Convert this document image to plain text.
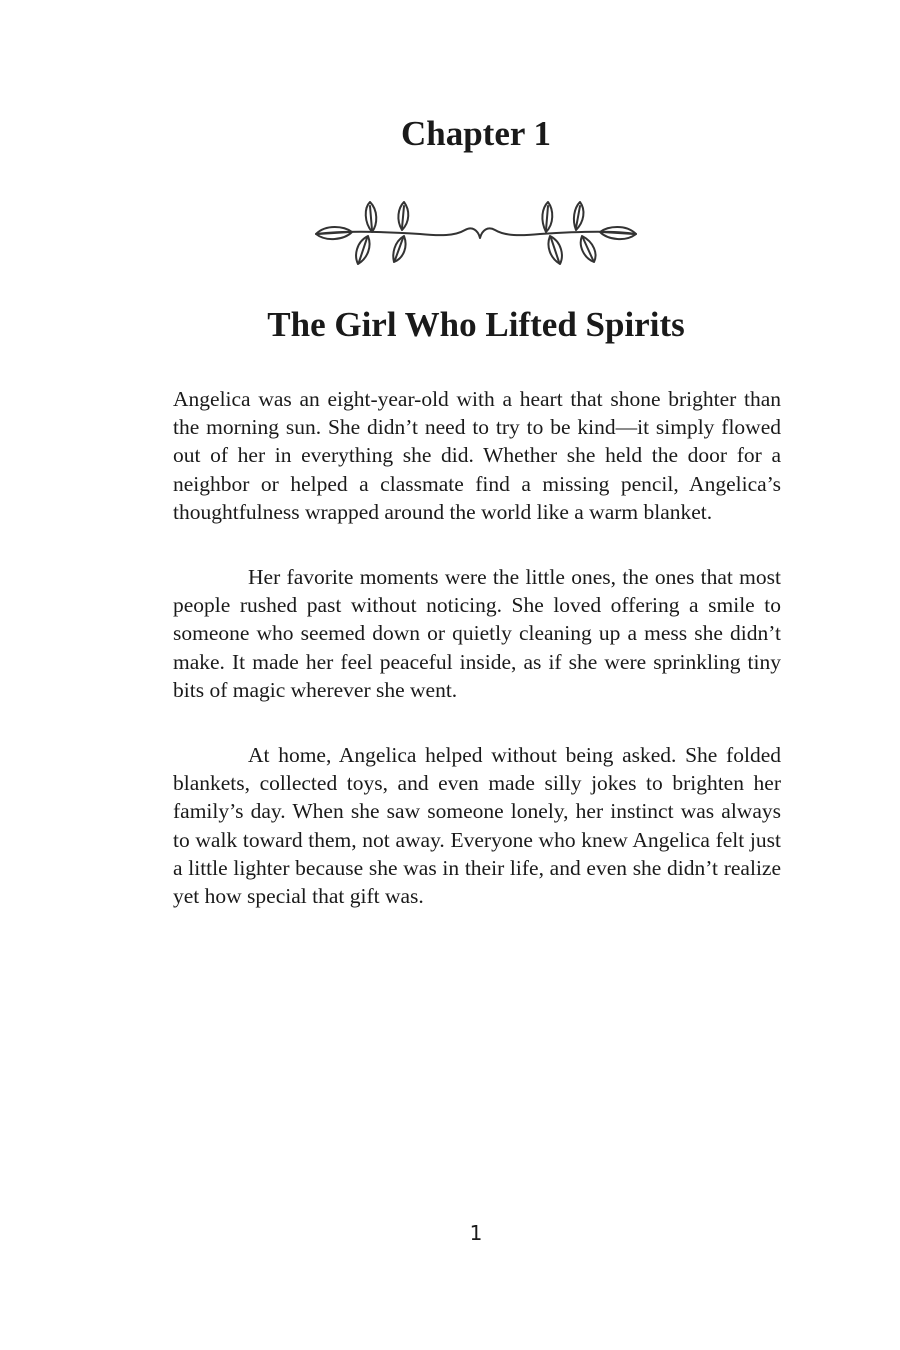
Chapter 1
The Girl Who Lifted Spirits

Angelica was an eight-year-old with a heart that shone brighter than the morning sun. She didn’t need to try to be kind—it simply flowed out of her in everything she did. Whether she held the door for a neighbor or helped a classmate find a missing pencil, Angelica’s thoughtfulness wrapped around the world like a warm blanket.

Her favorite moments were the little ones, the ones that most people rushed past without noticing. She loved offering a smile to someone who seemed down or quietly cleaning up a mess she didn’t make. It made her feel peaceful inside, as if she were sprinkling tiny bits of magic wherever she went.

At home, Angelica helped without being asked. She folded blankets, collected toys, and even made silly jokes to brighten her family’s day. When she saw someone lonely, her instinct was always to walk toward them, not away. Everyone who knew Angelica felt just a little lighter because she was in their life, and even she didn’t realize yet how special that gift was.

1
